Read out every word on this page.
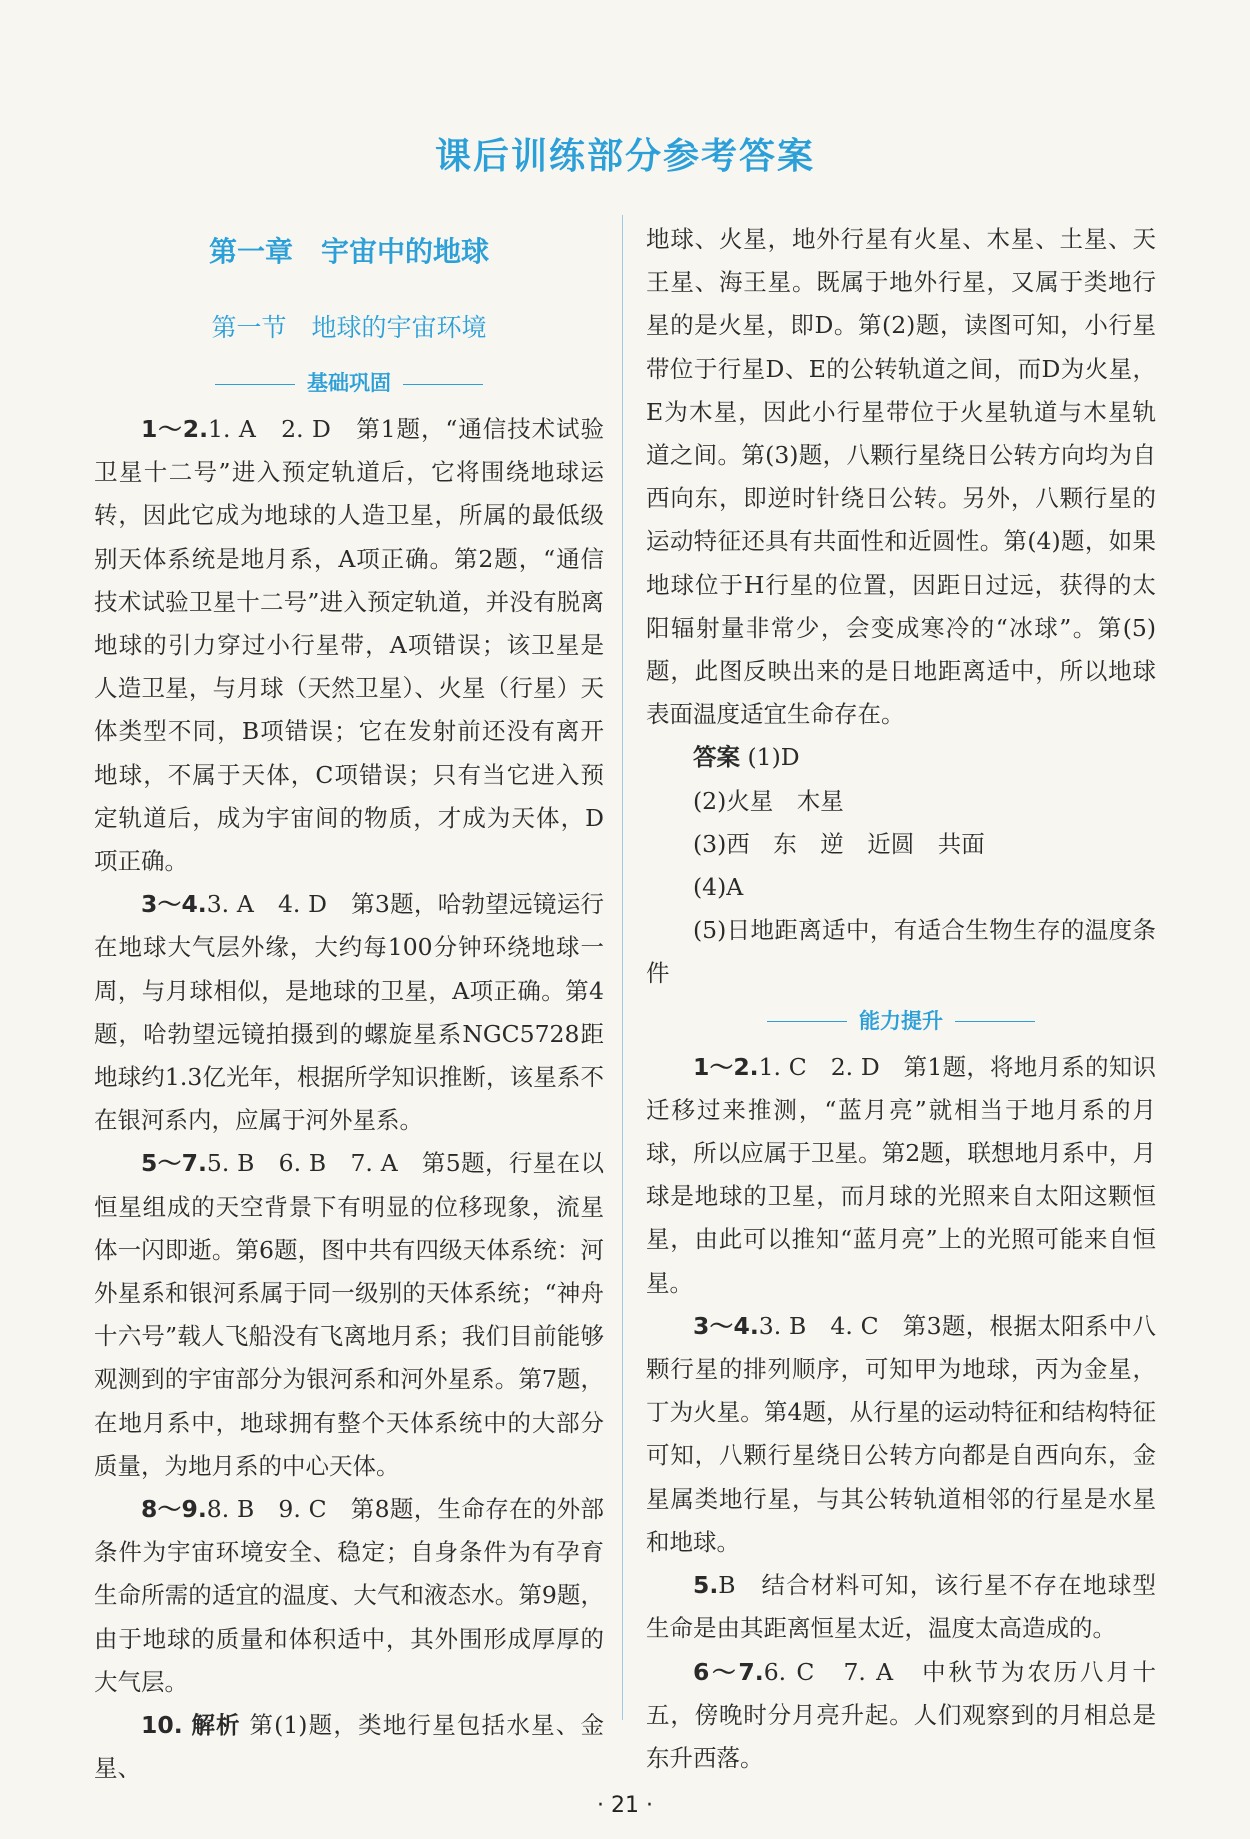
课后训练部分参考答案
第一章　宇宙中的地球
第一节　地球的宇宙环境
基础巩固

1～2.1. A　2. D　第1题，“通信技术试验卫星十二号”进入预定轨道后，它将围绕地球运转，因此它成为地球的人造卫星，所属的最低级别天体系统是地月系，A项正确。第2题，“通信技术试验卫星十二号”进入预定轨道，并没有脱离地球的引力穿过小行星带，A项错误；该卫星是人造卫星，与月球（天然卫星）、火星（行星）天体类型不同，B项错误；它在发射前还没有离开地球，不属于天体，C项错误；只有当它进入预定轨道后，成为宇宙间的物质，才成为天体，D项正确。

3～4.3. A　4. D　第3题，哈勃望远镜运行在地球大气层外缘，大约每100分钟环绕地球一周，与月球相似，是地球的卫星，A项正确。第4题，哈勃望远镜拍摄到的螺旋星系NGC5728距地球约1.3亿光年，根据所学知识推断，该星系不在银河系内，应属于河外星系。

5～7.5. B　6. B　7. A　第5题，行星在以恒星组成的天空背景下有明显的位移现象，流星体一闪即逝。第6题，图中共有四级天体系统：河外星系和银河系属于同一级别的天体系统；“神舟十六号”载人飞船没有飞离地月系；我们目前能够观测到的宇宙部分为银河系和河外星系。第7题，在地月系中，地球拥有整个天体系统中的大部分质量，为地月系的中心天体。

8～9.8. B　9. C　第8题，生命存在的外部条件为宇宙环境安全、稳定；自身条件为有孕育生命所需的适宜的温度、大气和液态水。第9题，由于地球的质量和体积适中，其外围形成厚厚的大气层。

10. 解析 第(1)题，类地行星包括水星、金星、

地球、火星，地外行星有火星、木星、土星、天王星、海王星。既属于地外行星，又属于类地行星的是火星，即D。第(2)题，读图可知，小行星带位于行星D、E的公转轨道之间，而D为火星，E为木星，因此小行星带位于火星轨道与木星轨道之间。第(3)题，八颗行星绕日公转方向均为自西向东，即逆时针绕日公转。另外，八颗行星的运动特征还具有共面性和近圆性。第(4)题，如果地球位于H行星的位置，因距日过远，获得的太阳辐射量非常少，会变成寒冷的“冰球”。第(5)题，此图反映出来的是日地距离适中，所以地球表面温度适宜生命存在。

答案 (1)D

(2)火星　木星

(3)西　东　逆　近圆　共面

(4)A

(5)日地距离适中，有适合生物生存的温度条件

能力提升

1～2.1. C　2. D　第1题，将地月系的知识迁移过来推测，“蓝月亮”就相当于地月系的月球，所以应属于卫星。第2题，联想地月系中，月球是地球的卫星，而月球的光照来自太阳这颗恒星，由此可以推知“蓝月亮”上的光照可能来自恒星。

3～4.3. B　4. C　第3题，根据太阳系中八颗行星的排列顺序，可知甲为地球，丙为金星，丁为火星。第4题，从行星的运动特征和结构特征可知，八颗行星绕日公转方向都是自西向东，金星属类地行星，与其公转轨道相邻的行星是水星和地球。

5.B　结合材料可知，该行星不存在地球型生命是由其距离恒星太近，温度太高造成的。

6～7.6. C　7. A　中秋节为农历八月十五，傍晚时分月亮升起。人们观察到的月相总是东升西落。

· 21 ·
